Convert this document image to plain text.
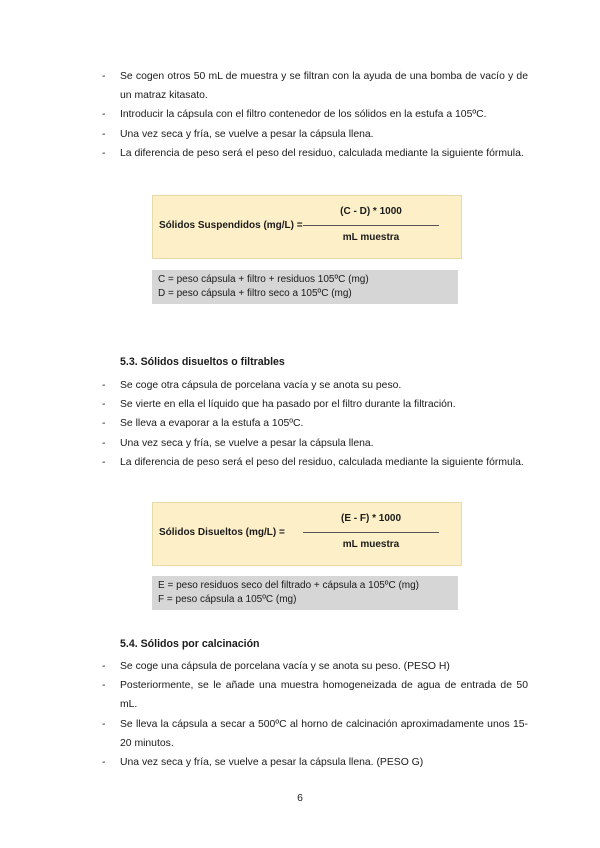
- Se cogen otros 50 mL de muestra y se filtran con la ayuda de una bomba de vacío y de un matraz kitasato.
- Introducir la cápsula con el filtro contenedor de los sólidos en la estufa a 105ºC.
- Una vez seca y fría, se vuelve a pesar la cápsula llena.
- La diferencia de peso será el peso del residuo, calculada mediante la siguiente fórmula.
Sólidos Suspendidos (mg/L) =
(C - D) * 1000
mL muestra
C = peso cápsula + filtro + residuos 105ºC (mg)
D = peso cápsula + filtro seco a 105ºC (mg)
5.3. Sólidos disueltos o filtrables
- Se coge otra cápsula de porcelana vacía y se anota su peso.
- Se vierte en ella el líquido que ha pasado por el filtro durante la filtración.
- Se lleva a evaporar a la estufa a 105ºC.
- Una vez seca y fría, se vuelve a pesar la cápsula llena.
- La diferencia de peso será el peso del residuo, calculada mediante la siguiente fórmula.
Sólidos Disueltos (mg/L) =
(E - F) * 1000
mL muestra
E = peso residuos seco del filtrado + cápsula a 105ºC (mg)
F = peso cápsula a 105ºC (mg)
5.4. Sólidos por calcinación
- Se coge una cápsula de porcelana vacía y se anota su peso. (PESO H)
- Posteriormente, se le añade una muestra homogeneizada de agua de entrada de 50 mL.
- Se lleva la cápsula a secar a 500ºC al horno de calcinación aproximadamente unos 15-20 minutos.
- Una vez seca y fría, se vuelve a pesar la cápsula llena. (PESO G)
6
